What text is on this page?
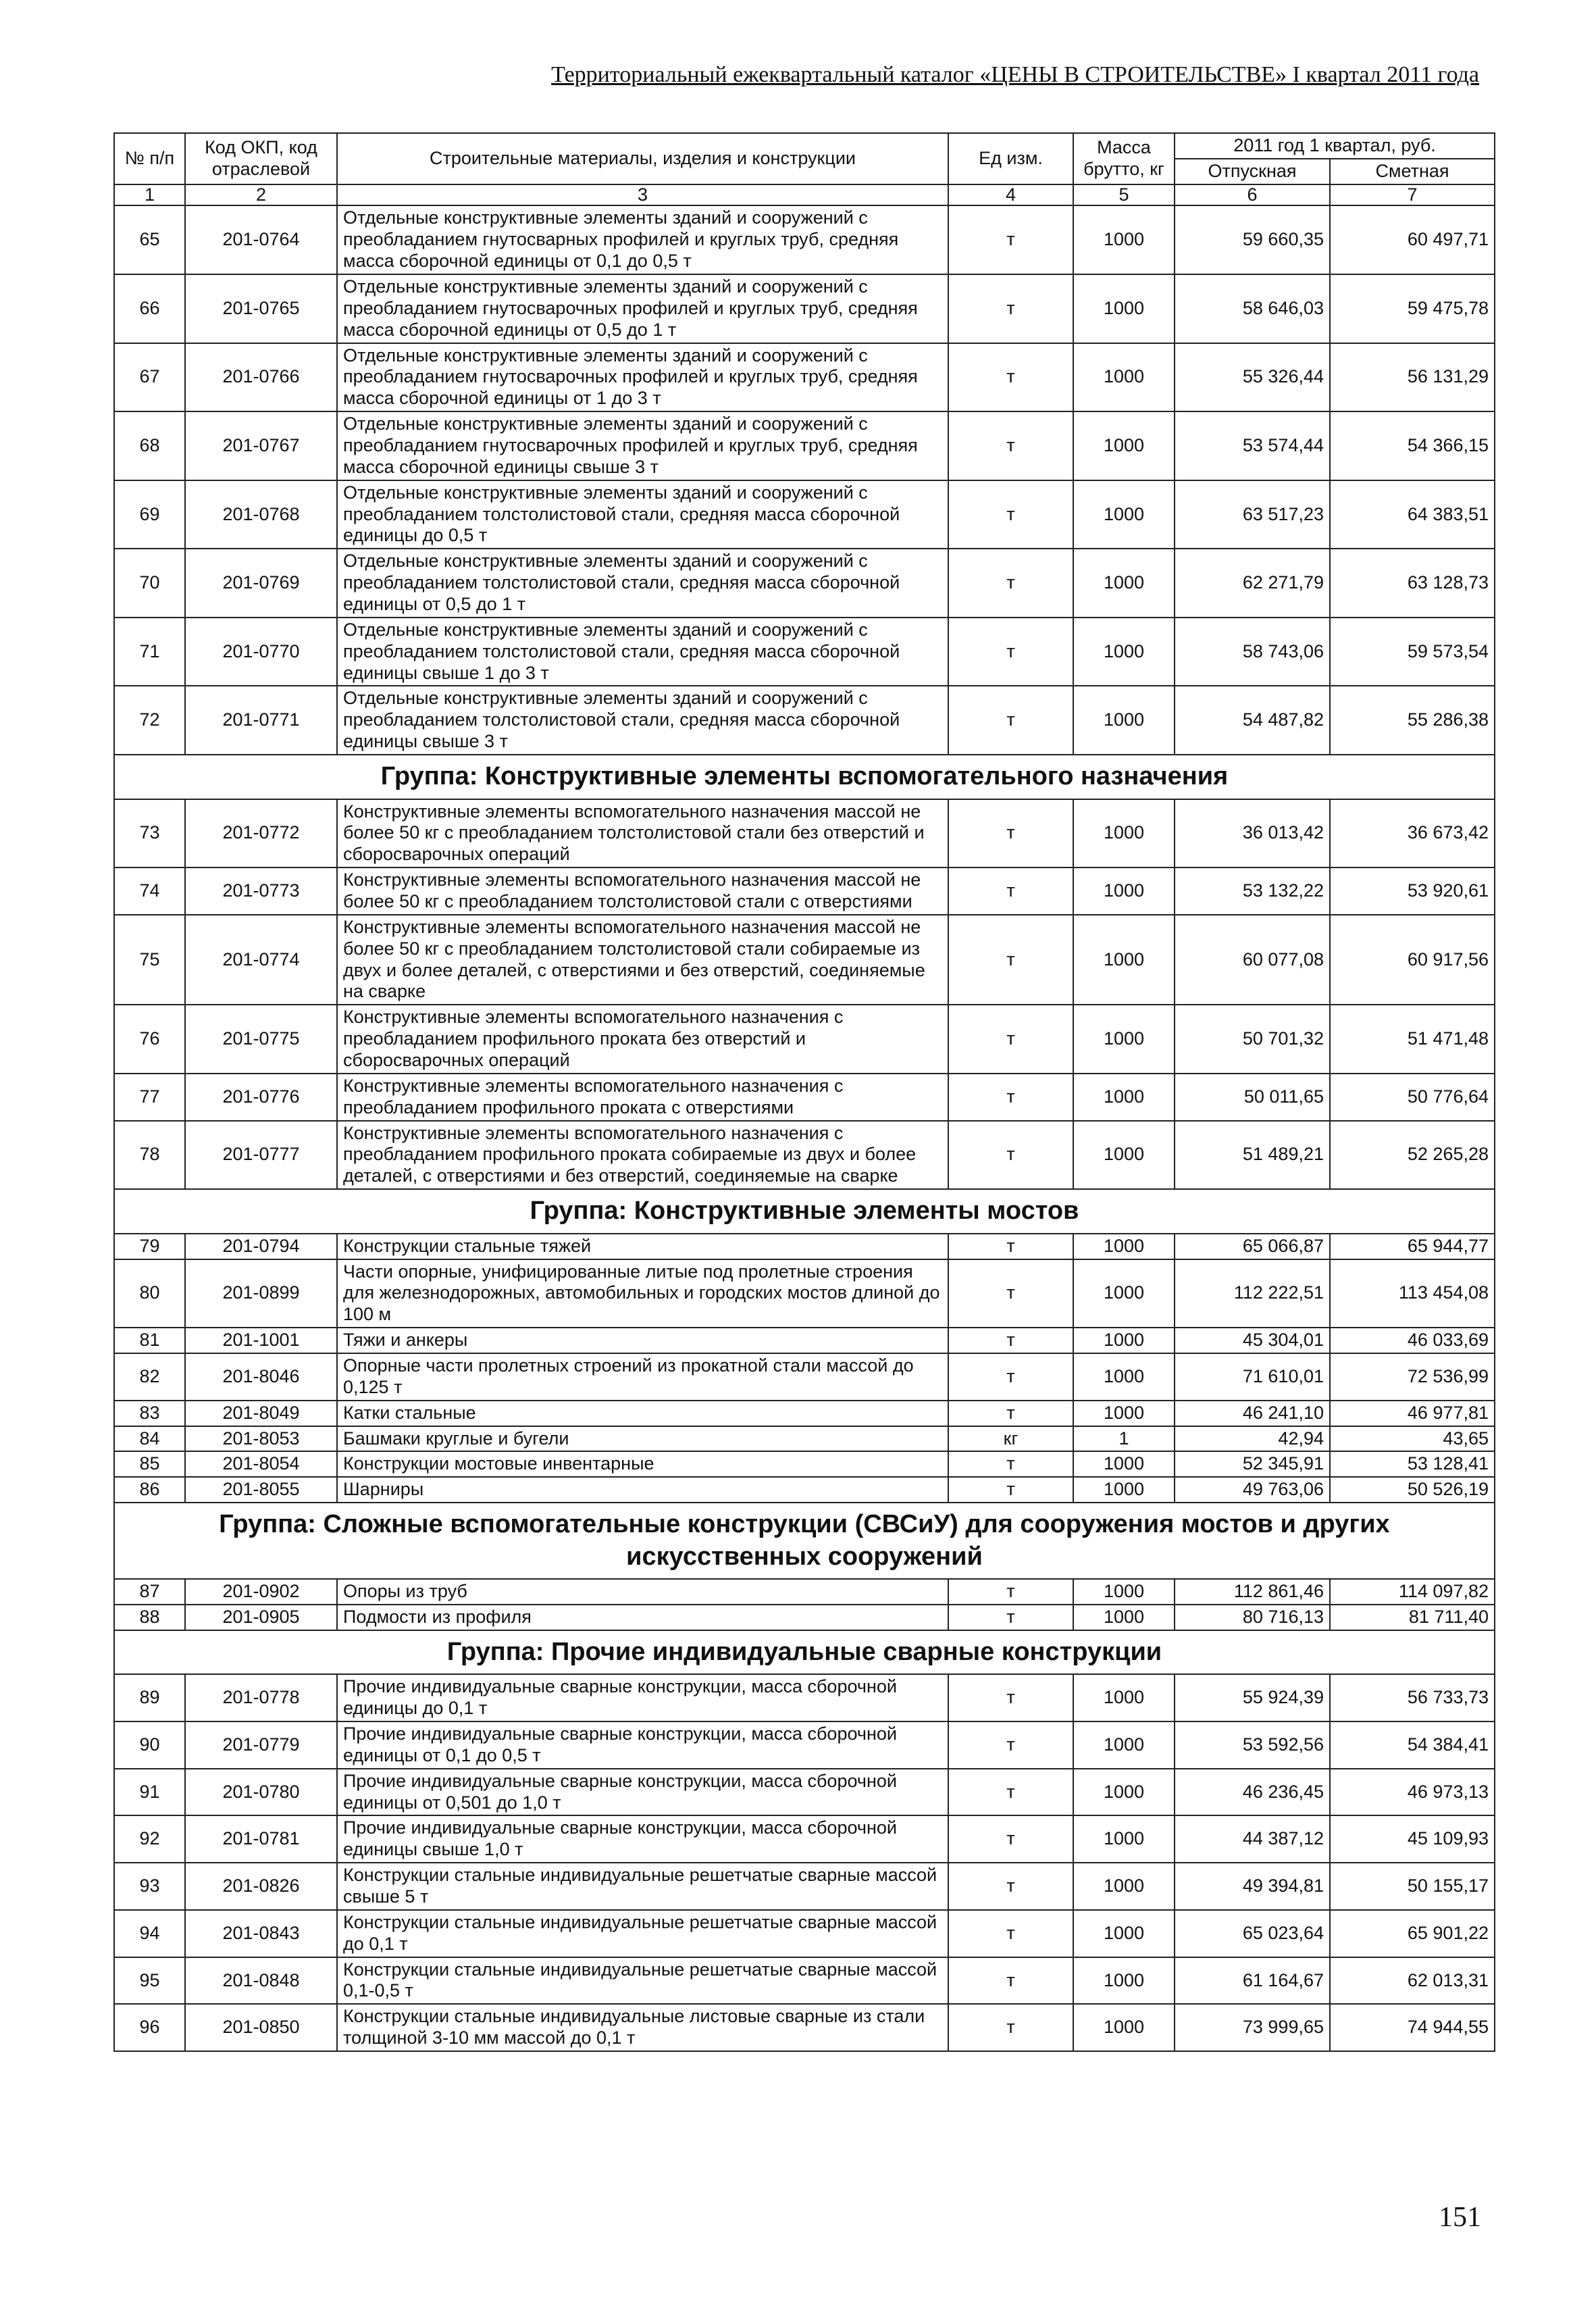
Территориальный ежеквартальный каталог «ЦЕНЫ В СТРОИТЕЛЬСТВЕ» I квартал 2011 года
№ п/п	Код ОКП, код отраслевой	Строительные материалы, изделия и конструкции	Ед изм.	Масса брутто, кг	2011 год 1 квартал, руб.	
					Отпускная	Сметная
1	2	3	4	5	6	7
65	201-0764	Отдельные конструктивные элементы зданий и сооружений с преобладанием гнутосварных профилей и круглых труб, средняя масса сборочной единицы от 0,1 до 0,5 т	т	1000	59 660,35	60 497,71
66	201-0765	Отдельные конструктивные элементы зданий и сооружений с преобладанием гнутосварочных профилей и круглых труб, средняя масса сборочной единицы от 0,5 до 1 т	т	1000	58 646,03	59 475,78
67	201-0766	Отдельные конструктивные элементы зданий и сооружений с преобладанием гнутосварочных профилей и круглых труб, средняя масса сборочной единицы от 1 до 3 т	т	1000	55 326,44	56 131,29
68	201-0767	Отдельные конструктивные элементы зданий и сооружений с преобладанием гнутосварочных профилей и круглых труб, средняя масса сборочной единицы свыше 3 т	т	1000	53 574,44	54 366,15
69	201-0768	Отдельные конструктивные элементы зданий и сооружений с преобладанием толстолистовой стали, средняя масса сборочной единицы до 0,5 т	т	1000	63 517,23	64 383,51
70	201-0769	Отдельные конструктивные элементы зданий и сооружений с преобладанием толстолистовой стали, средняя масса сборочной единицы от 0,5 до 1 т	т	1000	62 271,79	63 128,73
71	201-0770	Отдельные конструктивные элементы зданий и сооружений с преобладанием толстолистовой стали, средняя масса сборочной единицы свыше 1 до 3 т	т	1000	58 743,06	59 573,54
72	201-0771	Отдельные конструктивные элементы зданий и сооружений с преобладанием толстолистовой стали, средняя масса сборочной единицы свыше 3 т	т	1000	54 487,82	55 286,38
Группа: Конструктивные элементы вспомогательного назначения						
73	201-0772	Конструктивные элементы вспомогательного назначения массой не более 50 кг с преобладанием толстолистовой стали без отверстий и сборосварочных операций	т	1000	36 013,42	36 673,42
74	201-0773	Конструктивные элементы вспомогательного назначения массой не более 50 кг с преобладанием толстолистовой стали с отверстиями	т	1000	53 132,22	53 920,61
75	201-0774	Конструктивные элементы вспомогательного назначения массой не более 50 кг с преобладанием толстолистовой стали собираемые из двух и более деталей, с отверстиями и без отверстий, соединяемые на сварке	т	1000	60 077,08	60 917,56
76	201-0775	Конструктивные элементы вспомогательного назначения с преобладанием профильного проката без отверстий и сборосварочных операций	т	1000	50 701,32	51 471,48
77	201-0776	Конструктивные элементы вспомогательного назначения с преобладанием профильного проката с отверстиями	т	1000	50 011,65	50 776,64
78	201-0777	Конструктивные элементы вспомогательного назначения с преобладанием профильного проката собираемые из двух и более деталей, с отверстиями и без отверстий, соединяемые на сварке	т	1000	51 489,21	52 265,28
Группа: Конструктивные элементы мостов						
79	201-0794	Конструкции стальные тяжей	т	1000	65 066,87	65 944,77
80	201-0899	Части опорные, унифицированные литые под пролетные строения для железнодорожных, автомобильных и городских мостов длиной до 100 м	т	1000	112 222,51	113 454,08
81	201-1001	Тяжи и анкеры	т	1000	45 304,01	46 033,69
82	201-8046	Опорные части пролетных строений из прокатной стали массой до 0,125 т	т	1000	71 610,01	72 536,99
83	201-8049	Катки стальные	т	1000	46 241,10	46 977,81
84	201-8053	Башмаки круглые и бугели	кг	1	42,94	43,65
85	201-8054	Конструкции мостовые инвентарные	т	1000	52 345,91	53 128,41
86	201-8055	Шарниры	т	1000	49 763,06	50 526,19
Группа: Сложные вспомогательные конструкции (СВСиУ) для сооружения мостов и других искусственных сооружений						
87	201-0902	Опоры из труб	т	1000	112 861,46	114 097,82
88	201-0905	Подмости из профиля	т	1000	80 716,13	81 711,40
Группа: Прочие индивидуальные сварные конструкции						
89	201-0778	Прочие индивидуальные сварные конструкции, масса сборочной единицы до 0,1 т	т	1000	55 924,39	56 733,73
90	201-0779	Прочие индивидуальные сварные конструкции, масса сборочной единицы от 0,1 до 0,5 т	т	1000	53 592,56	54 384,41
91	201-0780	Прочие индивидуальные сварные конструкции, масса сборочной единицы от 0,501 до 1,0 т	т	1000	46 236,45	46 973,13
92	201-0781	Прочие индивидуальные сварные конструкции, масса сборочной единицы свыше 1,0 т	т	1000	44 387,12	45 109,93
93	201-0826	Конструкции стальные индивидуальные решетчатые сварные массой свыше 5 т	т	1000	49 394,81	50 155,17
94	201-0843	Конструкции стальные индивидуальные решетчатые сварные массой до 0,1 т	т	1000	65 023,64	65 901,22
95	201-0848	Конструкции стальные индивидуальные решетчатые сварные массой 0,1-0,5 т	т	1000	61 164,67	62 013,31
96	201-0850	Конструкции стальные индивидуальные листовые сварные из стали толщиной 3-10 мм массой до 0,1 т	т	1000	73 999,65	74 944,55
151
